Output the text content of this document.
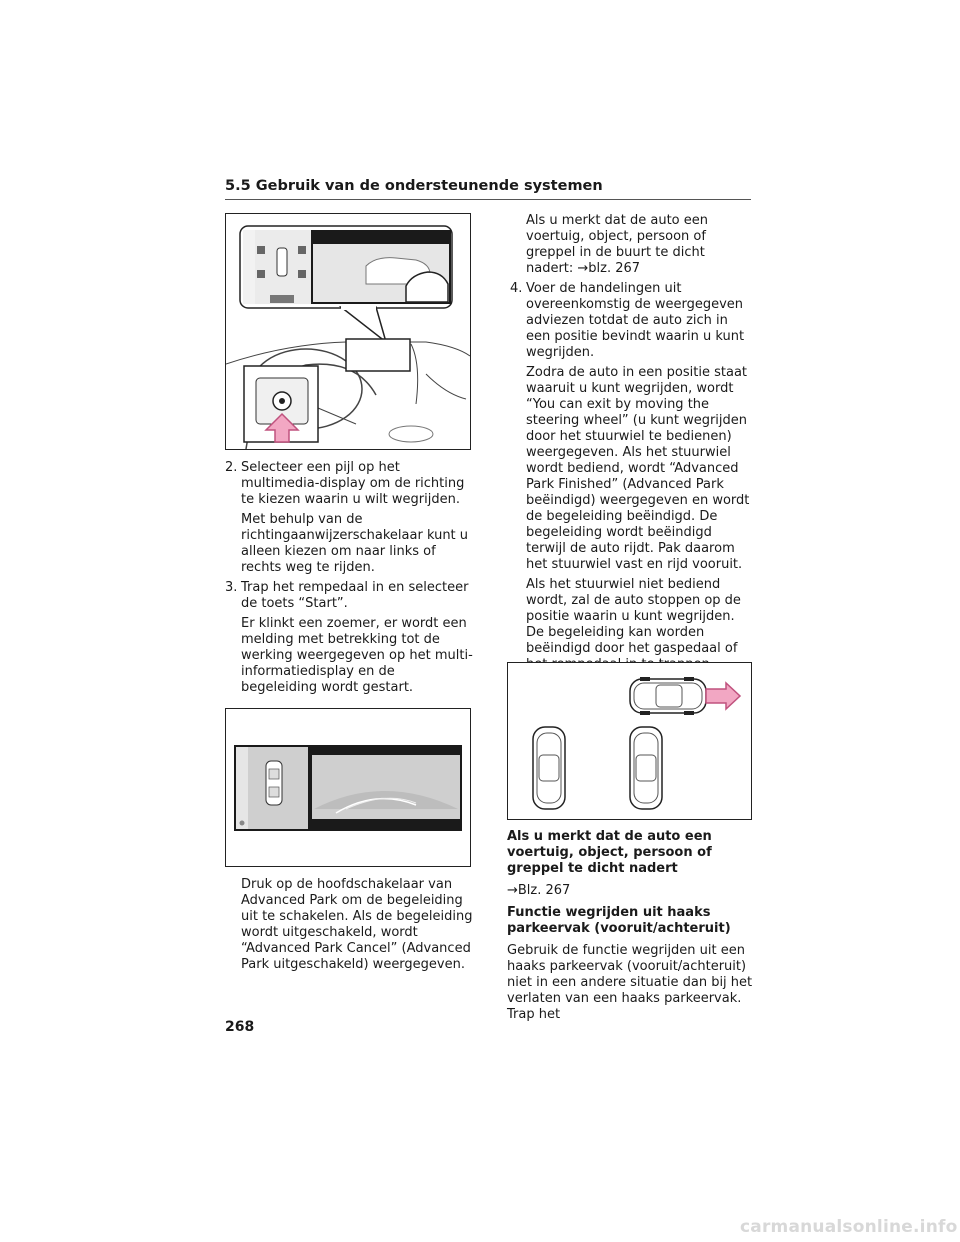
5.5 Gebruik van de ondersteunende systemen
2. Selecteer een pijl op het multimedia-display om de richting te kiezen waarin u wilt wegrijden.
Met behulp van de richtingaanwijzerschakelaar kunt u alleen kiezen om naar links of rechts weg te rijden.
3. Trap het rempedaal in en selecteer de toets “Start”.
Er klinkt een zoemer, er wordt een melding met betrekking tot de werking weergegeven op het multi-informatiedisplay en de begeleiding wordt gestart.
Druk op de hoofdschakelaar van Advanced Park om de begeleiding uit te schakelen. Als de begeleiding wordt uitgeschakeld, wordt “Advanced Park Cancel” (Advanced Park uitgeschakeld) weergegeven.
Als u merkt dat de auto een voertuig, object, persoon of greppel in de buurt te dicht nadert: →blz. 267
4. Voer de handelingen uit overeenkomstig de weergegeven adviezen totdat de auto zich in een positie bevindt waarin u kunt wegrijden.
Zodra de auto in een positie staat waaruit u kunt wegrijden, wordt “You can exit by moving the steering wheel” (u kunt wegrijden door het stuurwiel te bedienen) weergegeven. Als het stuurwiel wordt bediend, wordt “Advanced Park Finished” (Advanced Park beëindigd) weergegeven en wordt de begeleiding beëindigd. De begeleiding wordt beëindigd terwijl de auto rijdt. Pak daarom het stuurwiel vast en rijd vooruit.
Als het stuurwiel niet bediend wordt, zal de auto stoppen op de positie waarin u kunt wegrijden. De begeleiding kan worden beëindigd door het gaspedaal of
Als u merkt dat de auto een voertuig, object, persoon of greppel te dicht nadert
→Blz. 267
Functie wegrijden uit haaks parkeervak (vooruit/achteruit)
Gebruik de functie wegrijden uit een haaks parkeervak (vooruit/achteruit) niet in een andere situatie dan bij het verlaten van een haaks parkeervak. Trap het
268
carmanualsonline.info
